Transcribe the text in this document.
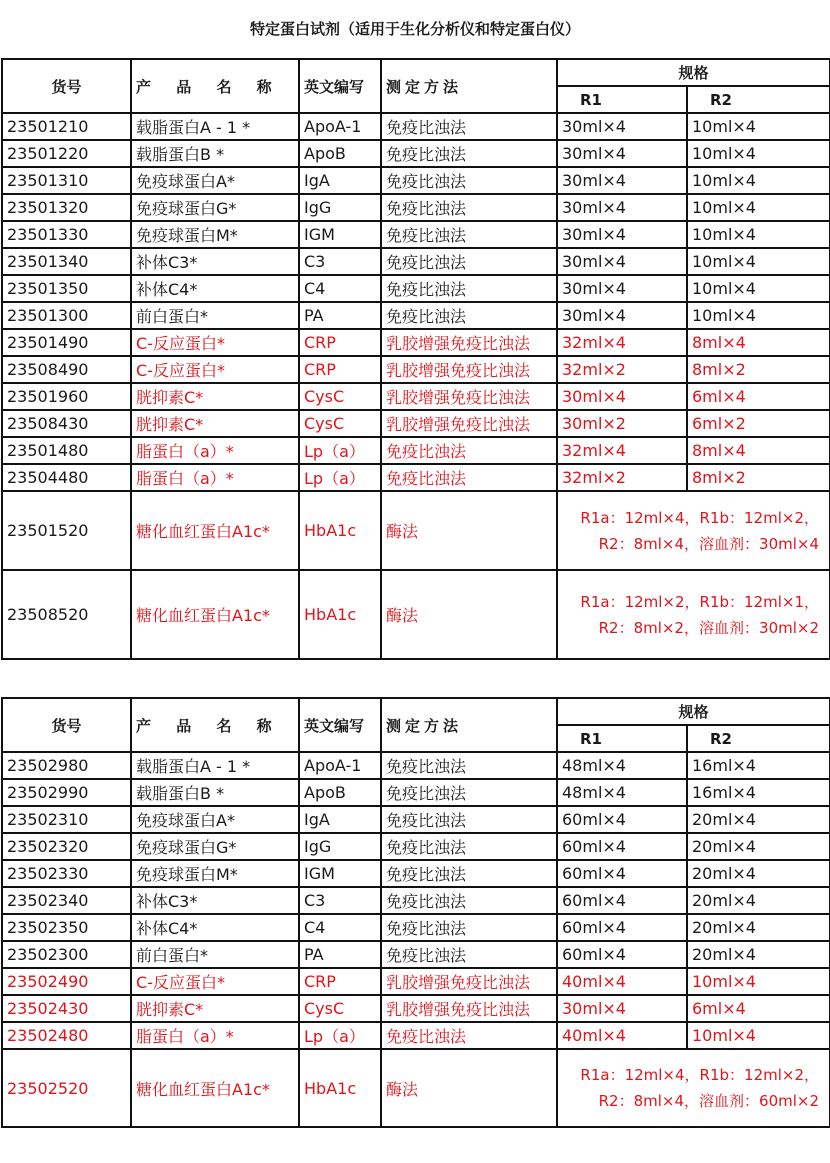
特定蛋白试剂（适用于生化分析仪和特定蛋白仪）
货号	产 品 名 称	英文编写	测定方法	规格	
				R1	R2
23501210	载脂蛋白A - 1 *	ApoA-1	免疫比浊法	30ml×4	10ml×4
23501220	载脂蛋白B *	ApoB	免疫比浊法	30ml×4	10ml×4
23501310	免疫球蛋白A*	IgA	免疫比浊法	30ml×4	10ml×4
23501320	免疫球蛋白G*	IgG	免疫比浊法	30ml×4	10ml×4
23501330	免疫球蛋白M*	IGM	免疫比浊法	30ml×4	10ml×4
23501340	补体C3*	C3	免疫比浊法	30ml×4	10ml×4
23501350	补体C4*	C4	免疫比浊法	30ml×4	10ml×4
23501300	前白蛋白*	PA	免疫比浊法	30ml×4	10ml×4
23501490	C-反应蛋白*	CRP	乳胶增强免疫比浊法	32ml×4	8ml×4
23508490	C-反应蛋白*	CRP	乳胶增强免疫比浊法	32ml×2	8ml×2
23501960	胱抑素C*	CysC	乳胶增强免疫比浊法	30ml×4	6ml×4
23508430	胱抑素C*	CysC	乳胶增强免疫比浊法	30ml×2	6ml×2
23501480	脂蛋白（a）*	Lp（a）	免疫比浊法	32ml×4	8ml×4
23504480	脂蛋白（a）*	Lp（a）	免疫比浊法	32ml×2	8ml×2
23501520	糖化血红蛋白A1c*	HbA1c	酶法	R1a：12ml×4，R1b：12ml×2，
R2：8ml×4，溶血剂：30ml×4	

23508520	糖化血红蛋白A1c*	HbA1c	酶法	R1a：12ml×2，R1b：12ml×1，
R2：8ml×2，溶血剂：30ml×2	
货号	产 品 名 称	英文编写	测定方法	规格	
				R1	R2
23502980	载脂蛋白A - 1 *	ApoA-1	免疫比浊法	48ml×4	16ml×4
23502990	载脂蛋白B *	ApoB	免疫比浊法	48ml×4	16ml×4
23502310	免疫球蛋白A*	IgA	免疫比浊法	60ml×4	20ml×4
23502320	免疫球蛋白G*	IgG	免疫比浊法	60ml×4	20ml×4
23502330	免疫球蛋白M*	IGM	免疫比浊法	60ml×4	20ml×4
23502340	补体C3*	C3	免疫比浊法	60ml×4	20ml×4
23502350	补体C4*	C4	免疫比浊法	60ml×4	20ml×4
23502300	前白蛋白*	PA	免疫比浊法	60ml×4	20ml×4
23502490	C-反应蛋白*	CRP	乳胶增强免疫比浊法	40ml×4	10ml×4
23502430	胱抑素C*	CysC	乳胶增强免疫比浊法	30ml×4	6ml×4
23502480	脂蛋白（a）*	Lp（a）	免疫比浊法	40ml×4	10ml×4
23502520	糖化血红蛋白A1c*	HbA1c	酶法	R1a：12ml×4，R1b：12ml×2，
R2：8ml×4，溶血剂：60ml×2	
